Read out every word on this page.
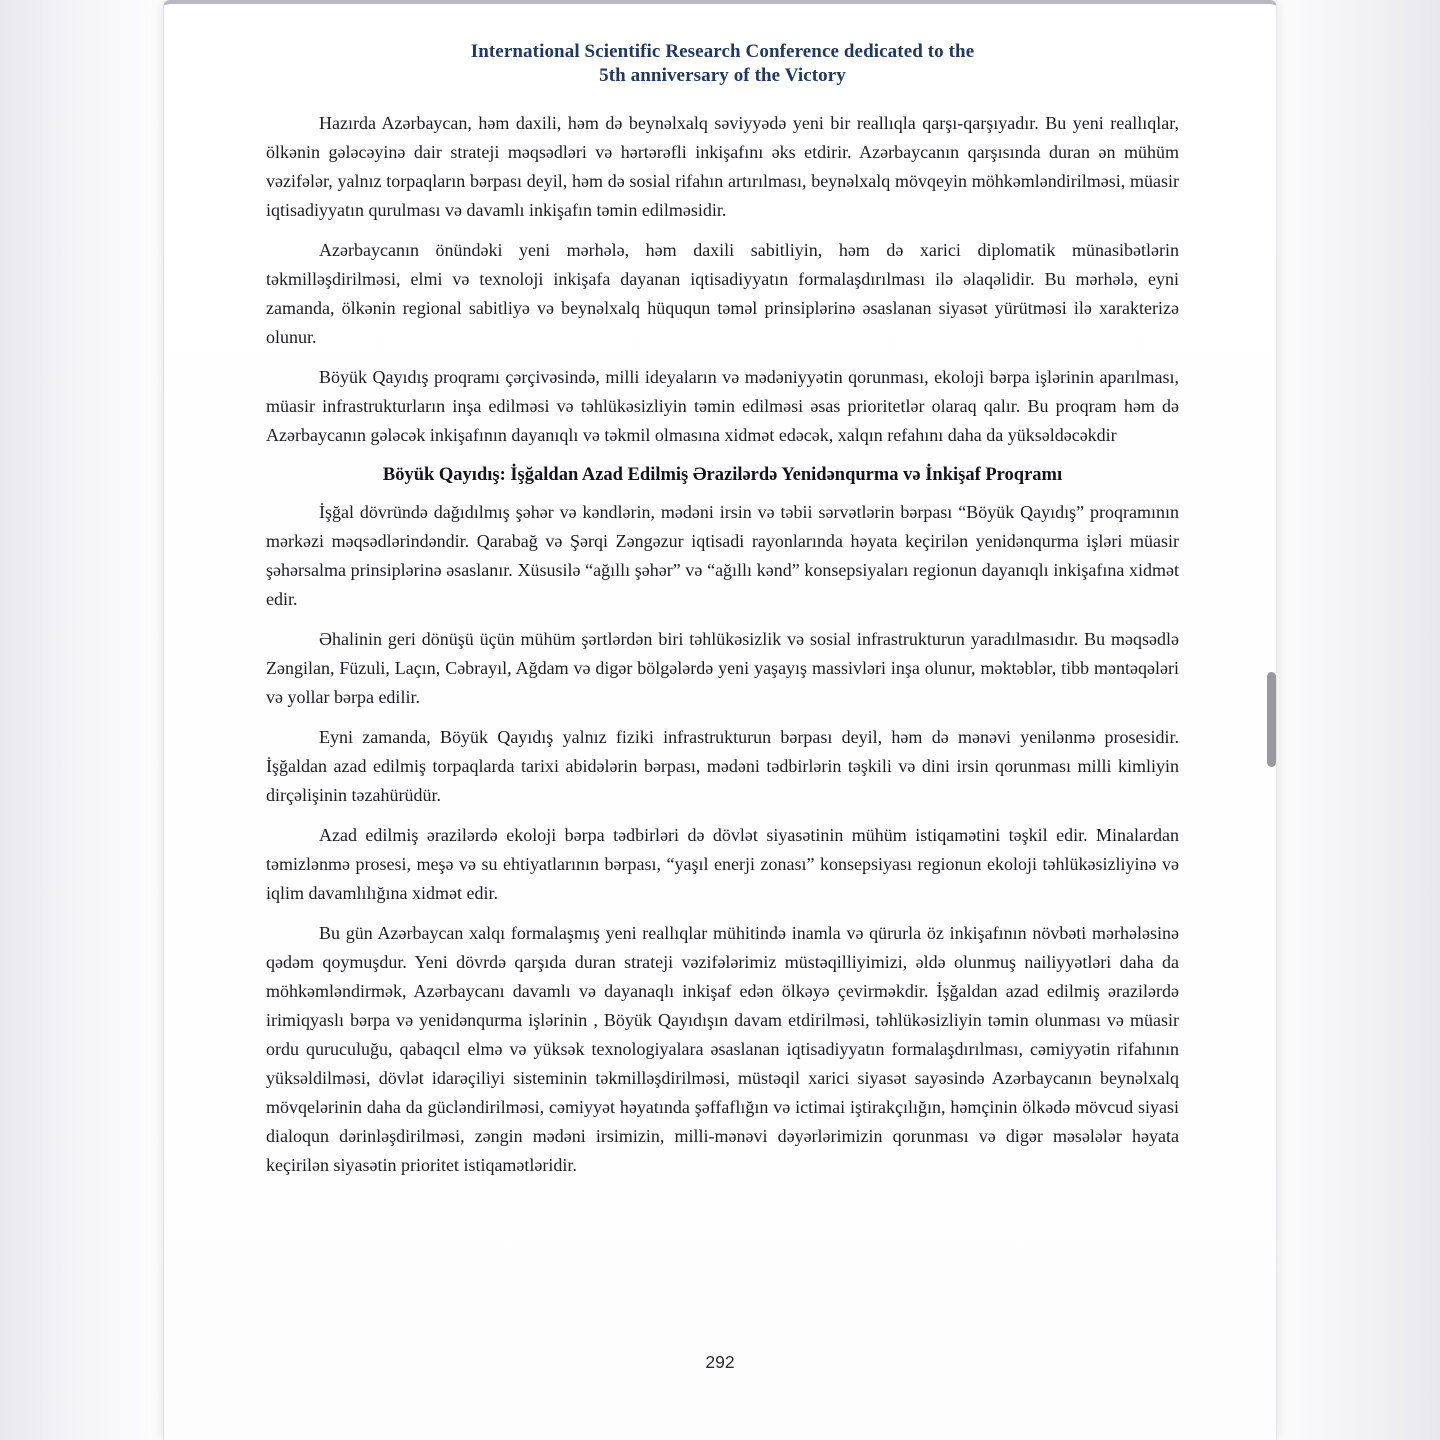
International Scientific Research Conference dedicated to the
5th anniversary of the Victory

Hazırda Azərbaycan, həm daxili, həm də beynəlxalq səviyyədə yeni bir reallıqla qarşı-qarşıyadır. Bu yeni reallıqlar, ölkənin gələcəyinə dair strateji məqsədləri və hərtərəfli inkişafını əks etdirir. Azərbaycanın qarşısında duran ən mühüm vəzifələr, yalnız torpaqların bərpası deyil, həm də sosial rifahın artırılması, beynəlxalq mövqeyin möhkəmləndirilməsi, müasir iqtisadiyyatın qurulması və davamlı inkişafın təmin edilməsidir.

Azərbaycanın önündəki yeni mərhələ, həm daxili sabitliyin, həm də xarici diplomatik münasibətlərin təkmilləşdirilməsi, elmi və texnoloji inkişafa dayanan iqtisadiyyatın formalaşdırılması ilə əlaqəlidir. Bu mərhələ, eyni zamanda, ölkənin regional sabitliyə və beynəlxalq hüququn təməl prinsiplərinə əsaslanan siyasət yürütməsi ilə xarakterizə olunur.

Böyük Qayıdış proqramı çərçivəsində, milli ideyaların və mədəniyyətin qorunması, ekoloji bərpa işlərinin aparılması, müasir infrastrukturların inşa edilməsi və təhlükəsizliyin təmin edilməsi əsas prioritetlər olaraq qalır. Bu proqram həm də Azərbaycanın gələcək inkişafının dayanıqlı və təkmil olmasına xidmət edəcək, xalqın refahını daha da yüksəldəcəkdir

Böyük Qayıdış: İşğaldan Azad Edilmiş Ərazilərdə Yenidənqurma və İnkişaf Proqramı

İşğal dövründə dağıdılmış şəhər və kəndlərin, mədəni irsin və təbii sərvətlərin bərpası “Böyük Qayıdış” proqramının mərkəzi məqsədlərindəndir. Qarabağ və Şərqi Zəngəzur iqtisadi rayonlarında həyata keçirilən yenidənqurma işləri müasir şəhərsalma prinsiplərinə əsaslanır. Xüsusilə “ağıllı şəhər” və “ağıllı kənd” konsepsiyaları regionun dayanıqlı inkişafına xidmət edir.

Əhalinin geri dönüşü üçün mühüm şərtlərdən biri təhlükəsizlik və sosial infrastrukturun yaradılmasıdır. Bu məqsədlə Zəngilan, Füzuli, Laçın, Cəbrayıl, Ağdam və digər bölgələrdə yeni yaşayış massivləri inşa olunur, məktəblər, tibb məntəqələri və yollar bərpa edilir.

Eyni zamanda, Böyük Qayıdış yalnız fiziki infrastrukturun bərpası deyil, həm də mənəvi yenilənmə prosesidir. İşğaldan azad edilmiş torpaqlarda tarixi abidələrin bərpası, mədəni tədbirlərin təşkili və dini irsin qorunması milli kimliyin dirçəlişinin təzahürüdür.

Azad edilmiş ərazilərdə ekoloji bərpa tədbirləri də dövlət siyasətinin mühüm istiqamətini təşkil edir. Minalardan təmizlənmə prosesi, meşə və su ehtiyatlarının bərpası, “yaşıl enerji zonası” konsepsiyası regionun ekoloji təhlükəsizliyinə və iqlim davamlılığına xidmət edir.

Bu gün Azərbaycan xalqı formalaşmış yeni reallıqlar mühitində inamla və qürurla öz inkişafının növbəti mərhələsinə qədəm qoymuşdur. Yeni dövrdə qarşıda duran strateji vəzifələrimiz müstəqilliyimizi, əldə olunmuş nailiyyətləri daha da möhkəmləndirmək, Azərbaycanı davamlı və dayanaqlı inkişaf edən ölkəyə çevirməkdir. İşğaldan azad edilmiş ərazilərdə irimiqyaslı bərpa və yenidənqurma işlərinin , Böyük Qayıdışın davam etdirilməsi, təhlükəsizliyin təmin olunması və müasir ordu quruculuğu, qabaqcıl elmə və yüksək texnologiyalara əsaslanan iqtisadiyyatın formalaşdırılması, cəmiyyətin rifahının yüksəldilməsi, dövlət idarəçiliyi sisteminin təkmilləşdirilməsi, müstəqil xarici siyasət sayəsində Azərbaycanın beynəlxalq mövqelərinin daha da gücləndirilməsi, cəmiyyət həyatında şəffaflığın və ictimai iştirakçılığın, həmçinin ölkədə mövcud siyasi dialoqun dərinləşdirilməsi, zəngin mədəni irsimizin, milli-mənəvi dəyərlərimizin qorunması və digər məsələlər həyata keçirilən siyasətin prioritet istiqamətləridir.

292
